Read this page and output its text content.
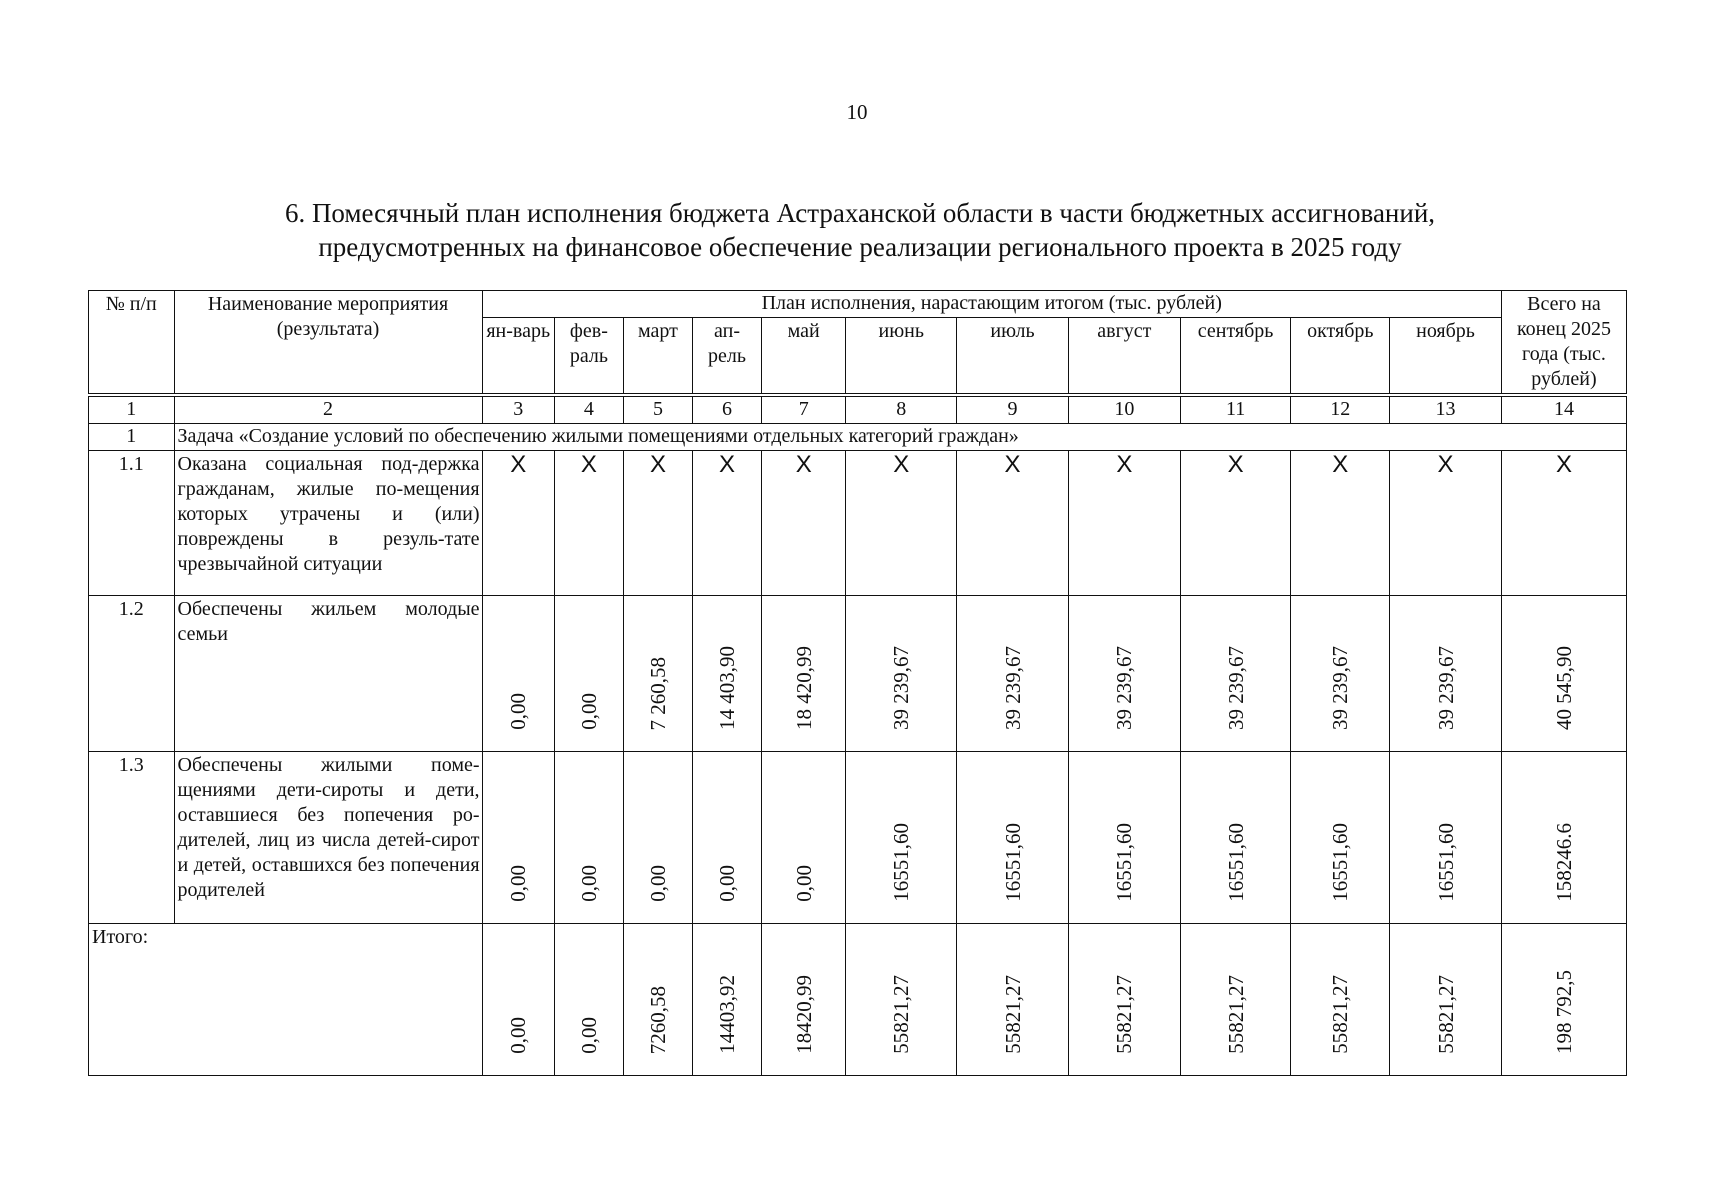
10
6. Помесячный план исполнения бюджета Астраханской области в части бюджетных ассигнований,
предусмотренных на финансовое обеспечение реализации регионального проекта в 2025 году
№ п/п	Наименование мероприятия (результата)	План исполнения, нарастающим итогом (тыс. рублей)											Всего на конец 2025 года (тыс. рублей)
		ян-варь	фев-раль	март	ап-рель	май	июнь	июль	август	сентябрь	октябрь	ноябрь	
1	2	3	4	5	6	7	8	9	10	11	12	13	14
1	Задача «Создание условий по обеспечению жилыми помещениями отдельных категорий граждан»												
1.1	Оказана социальная под-держка гражданам, жилые по-мещения которых утрачены и (или) повреждены в резуль-тате чрезвычайной ситуации	X	X	X	X	X	X	X	X	X	X	X	X
1.2	Обеспечены жильем молодые семьи	0,00	0,00	7 260,58	14 403,90	18 420,99	39 239,67	39 239,67	39 239,67	39 239,67	39 239,67	39 239,67	40 545,90
1.3	Обеспечены жилыми поме-щениями дети-сироты и дети, оставшиеся без попечения ро-дителей, лиц из числа детей-сирот и детей, оставшихся без попечения родителей	0,00	0,00	0,00	0,00	0,00	16551,60	16551,60	16551,60	16551,60	16551,60	16551,60	158246.6
Итого:		0,00	0,00	7260,58	14403,92	18420,99	55821,27	55821,27	55821,27	55821,27	55821,27	55821,27	198 792,5
